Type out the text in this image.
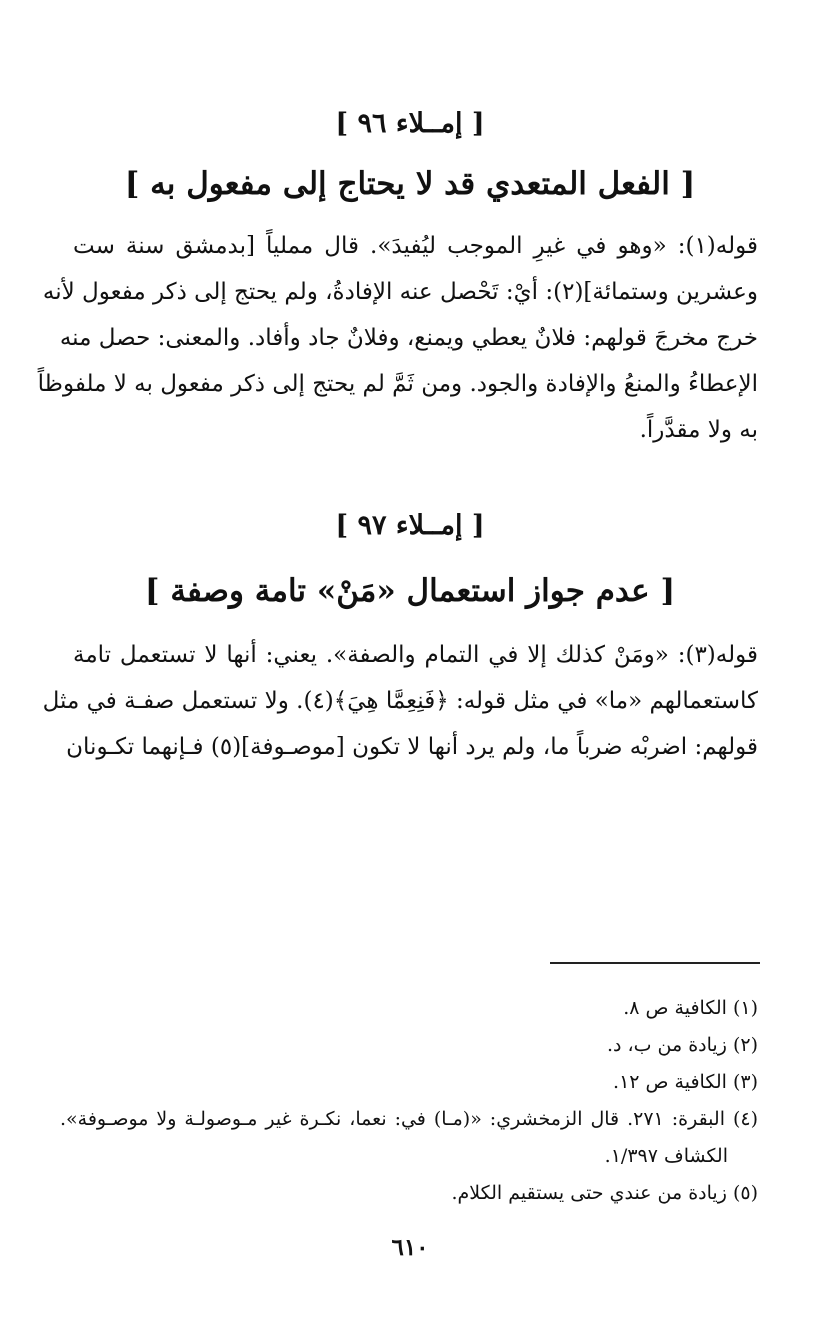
[ إمــلاء ٩٦ ]
[ الفعل المتعدي قد لا يحتاج إلى مفعول به ]
قوله(١): «وهو في غيرِ الموجب ليُفيدَ». قال مملياً [بدمشق سنة ست
وعشرين وستمائة](٢): أيْ: تَحْصل عنه الإفادةُ، ولم يحتج إلى ذكر مفعول لأنه
خرج مخرجَ قولهم: فلانٌ يعطي ويمنع، وفلانٌ جاد وأفاد. والمعنى: حصل منه
الإعطاءُ والمنعُ والإفادة والجود. ومن ثَمَّ لم يحتج إلى ذكر مفعول به لا ملفوظاً
به ولا مقدَّراً.
[ إمــلاء ٩٧ ]
[ عدم جواز استعمال «مَنْ» تامة وصفة ]
قوله(٣): «ومَنْ كذلك إلا في التمام والصفة». يعني: أنها لا تستعمل تامة
كاستعمالهم «ما» في مثل قوله: ﴿فَنِعِمَّا هِيَ﴾(٤). ولا تستعمل صفـة في مثل
قولهم: اضربْه ضرباً ما، ولم يرد أنها لا تكون [موصـوفة](٥) فـإنهما تكـونان
(١) الكافية ص ٨.
(٢) زيادة من ب، د.
(٣) الكافية ص ١٢.
(٤) البقرة: ٢٧١. قال الزمخشري: «(مـا) في: نعما، نكـرة غير مـوصولـة ولا موصـوفة».
الكشاف ١/٣٩٧.
(٥) زيادة من عندي حتى يستقيم الكلام.
٦١٠
